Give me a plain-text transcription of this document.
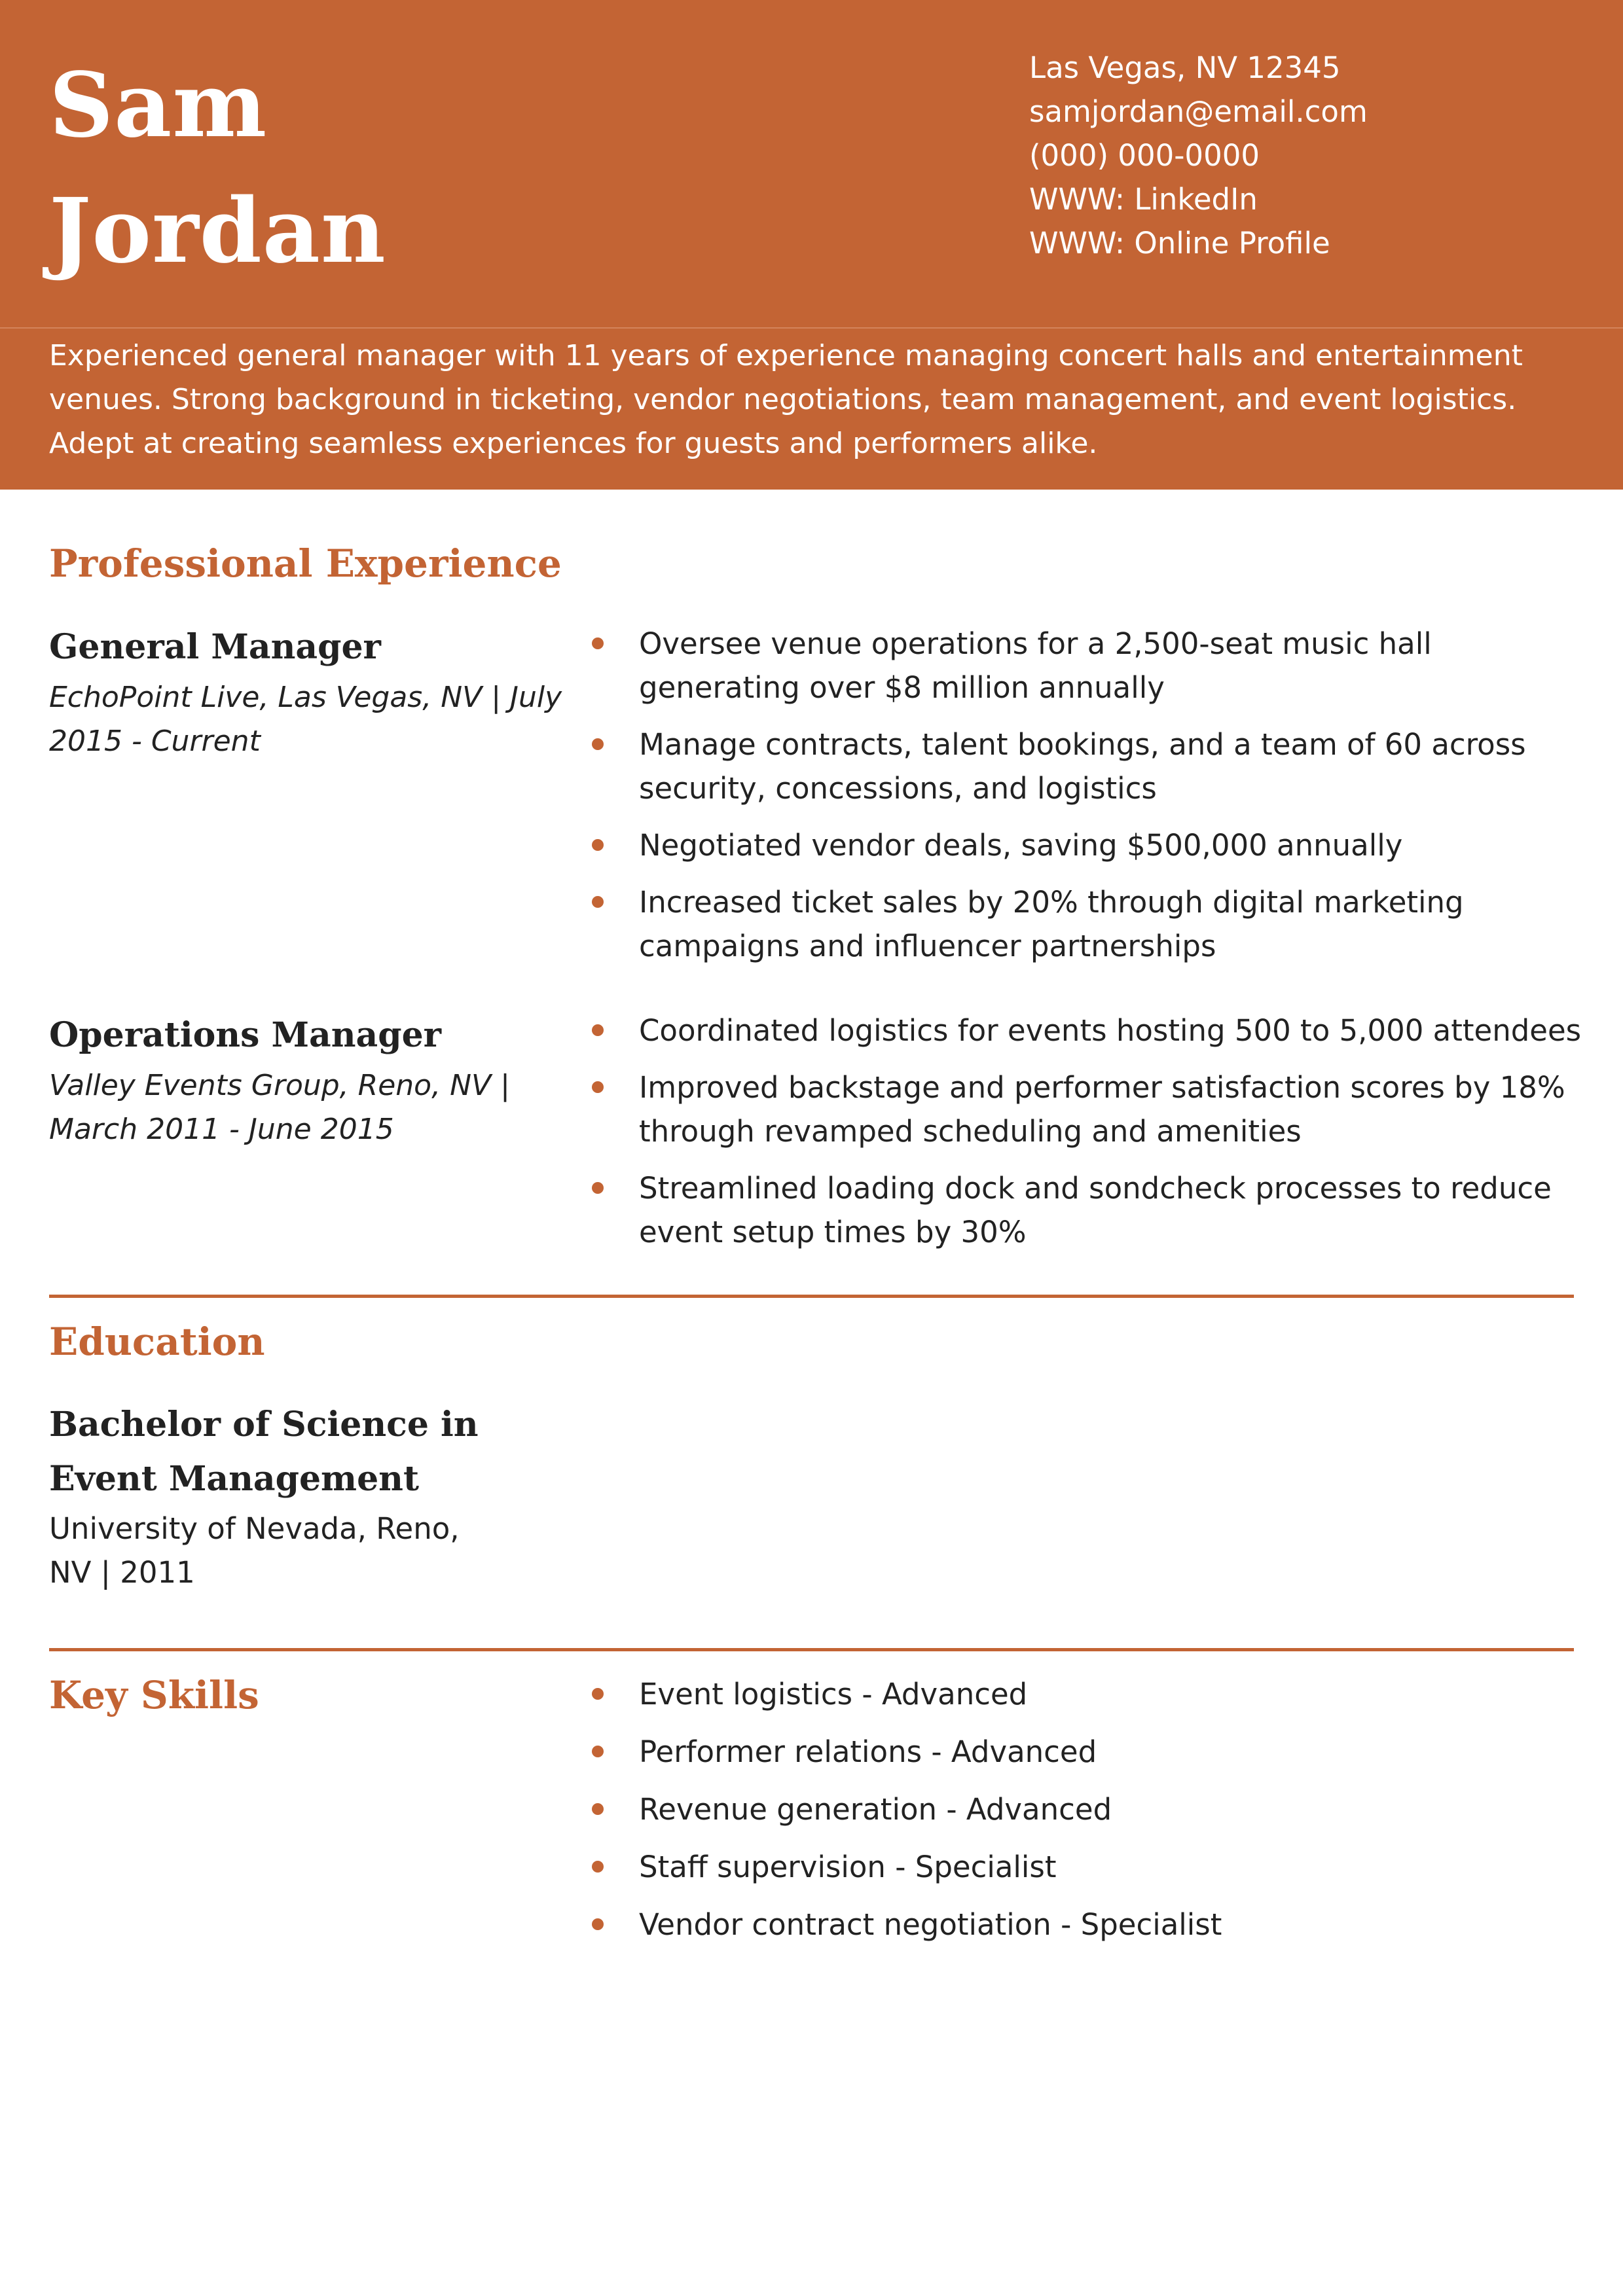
Sam
Jordan
Las Vegas, NV 12345
samjordan@email.com
(000) 000-0000
WWW: LinkedIn
WWW: Online Profile

Experienced general manager with 11 years of experience managing concert halls and entertainment venues. Strong background in ticketing, vendor negotiations, team management, and event logistics. Adept at creating seamless experiences for guests and performers alike.

Professional Experience
General Manager

EchoPoint Live, Las Vegas, NV | July 2015 - Current

Oversee venue operations for a 2,500-seat music hall generating over $8 million annually
Manage contracts, talent bookings, and a team of 60 across security, concessions, and logistics
Negotiated vendor deals, saving $500,000 annually
Increased ticket sales by 20% through digital marketing campaigns and influencer partnerships
Operations Manager

Valley Events Group, Reno, NV | March 2011 - June 2015

Coordinated logistics for events hosting 500 to 5,000 attendees
Improved backstage and performer satisfaction scores by 18% through revamped scheduling and amenities
Streamlined loading dock and sondcheck processes to reduce event setup times by 30%
Education

Bachelor of Science in Event Management

University of Nevada, Reno, NV | 2011

Key Skills	Event logistics - Advanced
Performer relations - Advanced
Revenue generation - Advanced
Staff supervision - Specialist
Vendor contract negotiation - Specialist
